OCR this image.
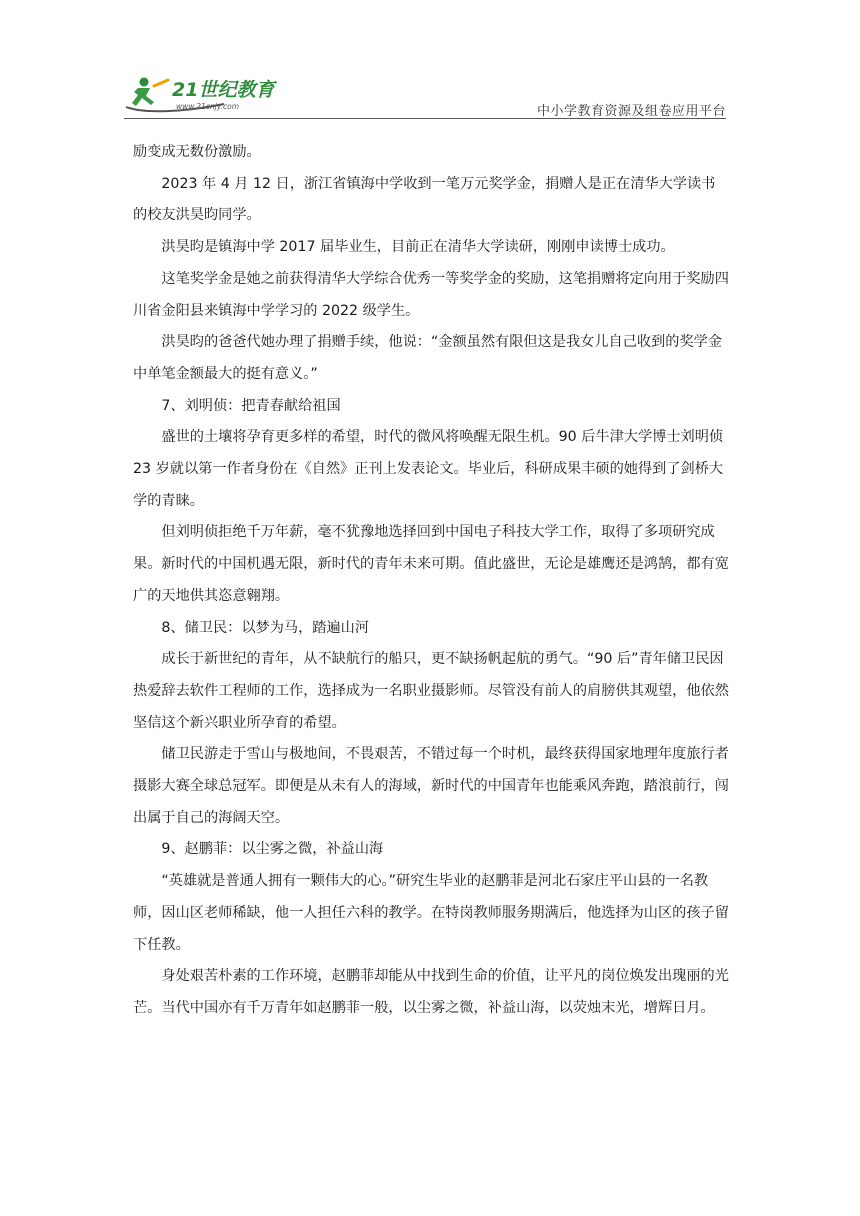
21世纪教育
www.21cnjy.com	中小学教育资源及组卷应用平台

励变成无数份激励。

2023 年 4 月 12 日，浙江省镇海中学收到一笔万元奖学金，捐赠人是正在清华大学读书的校友洪昊昀同学。

洪昊昀是镇海中学 2017 届毕业生，目前正在清华大学读研，刚刚申读博士成功。

这笔奖学金是她之前获得清华大学综合优秀一等奖学金的奖励，这笔捐赠将定向用于奖励四川省金阳县来镇海中学学习的 2022 级学生。

洪昊昀的爸爸代她办理了捐赠手续，他说：“金额虽然有限但这是我女儿自己收到的奖学金中单笔金额最大的挺有意义。”

7、刘明侦：把青春献给祖国

盛世的土壤将孕育更多样的希望，时代的微风将唤醒无限生机。90 后牛津大学博士刘明侦 23 岁就以第一作者身份在《自然》正刊上发表论文。毕业后，科研成果丰硕的她得到了剑桥大学的青睐。

但刘明侦拒绝千万年薪，毫不犹豫地选择回到中国电子科技大学工作，取得了多项研究成果。新时代的中国机遇无限，新时代的青年未来可期。值此盛世，无论是雄鹰还是鸿鹄，都有宽广的天地供其恣意翱翔。

8、储卫民：以梦为马，踏遍山河

成长于新世纪的青年，从不缺航行的船只，更不缺扬帆起航的勇气。“90 后”青年储卫民因热爱辞去软件工程师的工作，选择成为一名职业摄影师。尽管没有前人的肩膀供其观望，他依然坚信这个新兴职业所孕育的希望。

储卫民游走于雪山与极地间，不畏艰苦，不错过每一个时机，最终获得国家地理年度旅行者摄影大赛全球总冠军。即便是从未有人的海域，新时代的中国青年也能乘风奔跑，踏浪前行，闯出属于自己的海阔天空。

9、赵鹏菲：以尘雾之微，补益山海

“英雄就是普通人拥有一颗伟大的心。”研究生毕业的赵鹏菲是河北石家庄平山县的一名教师，因山区老师稀缺，他一人担任六科的教学。在特岗教师服务期满后，他选择为山区的孩子留下任教。

身处艰苦朴素的工作环境，赵鹏菲却能从中找到生命的价值，让平凡的岗位焕发出瑰丽的光芒。当代中国亦有千万青年如赵鹏菲一般，以尘雾之微，补益山海，以荧烛末光，增辉日月。
